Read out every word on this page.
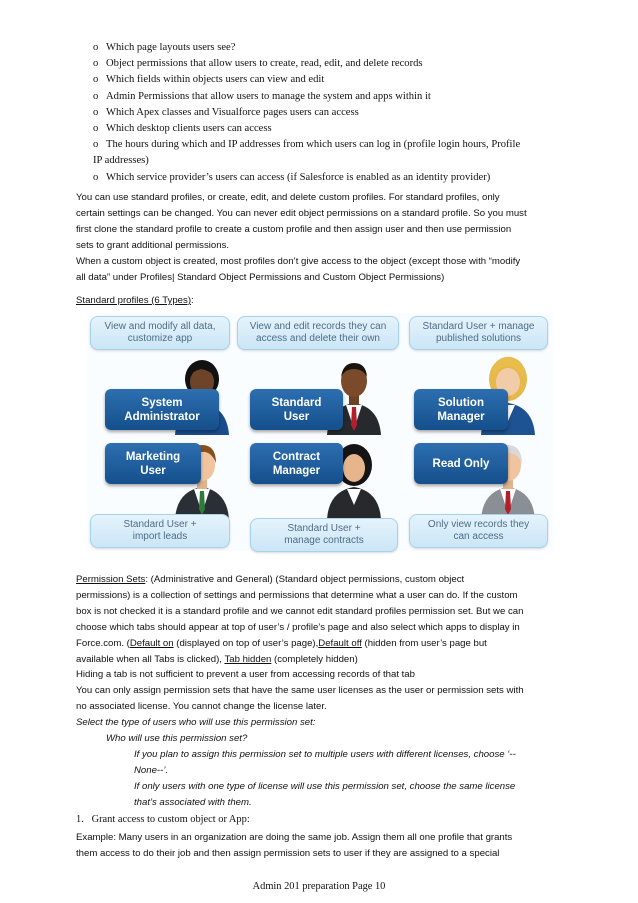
o Which page layouts users see?
o Object permissions that allow users to create, read, edit, and delete records
o Which fields within objects users can view and edit
o Admin Permissions that allow users to manage the system and apps within it
o Which Apex classes and Visualforce pages users can access
o Which desktop clients users can access
o The hours during which and IP addresses from which users can log in (profile login hours, Profile
IP addresses)
o Which service provider’s users can access (if Salesforce is enabled as an identity provider)

You can use standard profiles, or create, edit, and delete custom profiles. For standard profiles, only

certain settings can be changed. You can never edit object permissions on a standard profile. So you must

first clone the standard profile to create a custom profile and then assign user and then use permission

sets to grant additional permissions.

When a custom object is created, most profiles don’t give access to the object (except those with “modify

all data” under Profiles| Standard Object Permissions and Custom Object Permissions)

Standard profiles (6 Types):
View and modify all data,
customize app
View and edit records they can
access and delete their own
Standard User + manage
published solutions
System
Administrator
Standard
User
Solution
Manager
Marketing
User
Contract
Manager
Read Only
Standard User +
import leads
Standard User +
manage contracts
Only view records they
can access

Permission Sets: (Administrative and General) (Standard object permissions, custom object

permissions) is a collection of settings and permissions that determine what a user can do. If the custom

box is not checked it is a standard profile and we cannot edit standard profiles permission set. But we can

choose which tabs should appear at top of user’s / profile’s page and also select which apps to display in

Force.com. (Default on (displayed on top of user’s page),Default off (hidden from user’s page but

available when all Tabs is clicked), Tab hidden (completely hidden)

Hiding a tab is not sufficient to prevent a user from accessing records of that tab

You can only assign permission sets that have the same user licenses as the user or permission sets with

no associated license. You cannot change the license later.

Select the type of users who will use this permission set:

Who will use this permission set?

If you plan to assign this permission set to multiple users with different licenses, choose ‘--

None--’.

If only users with one type of license will use this permission set, choose the same license

that’s associated with them.

1.   Grant access to custom object or App:
Example: Many users in an organization are doing the same job. Assign them all one profile that grants
them access to do their job and then assign permission sets to user if they are assigned to a special
Admin 201 preparation Page 10
